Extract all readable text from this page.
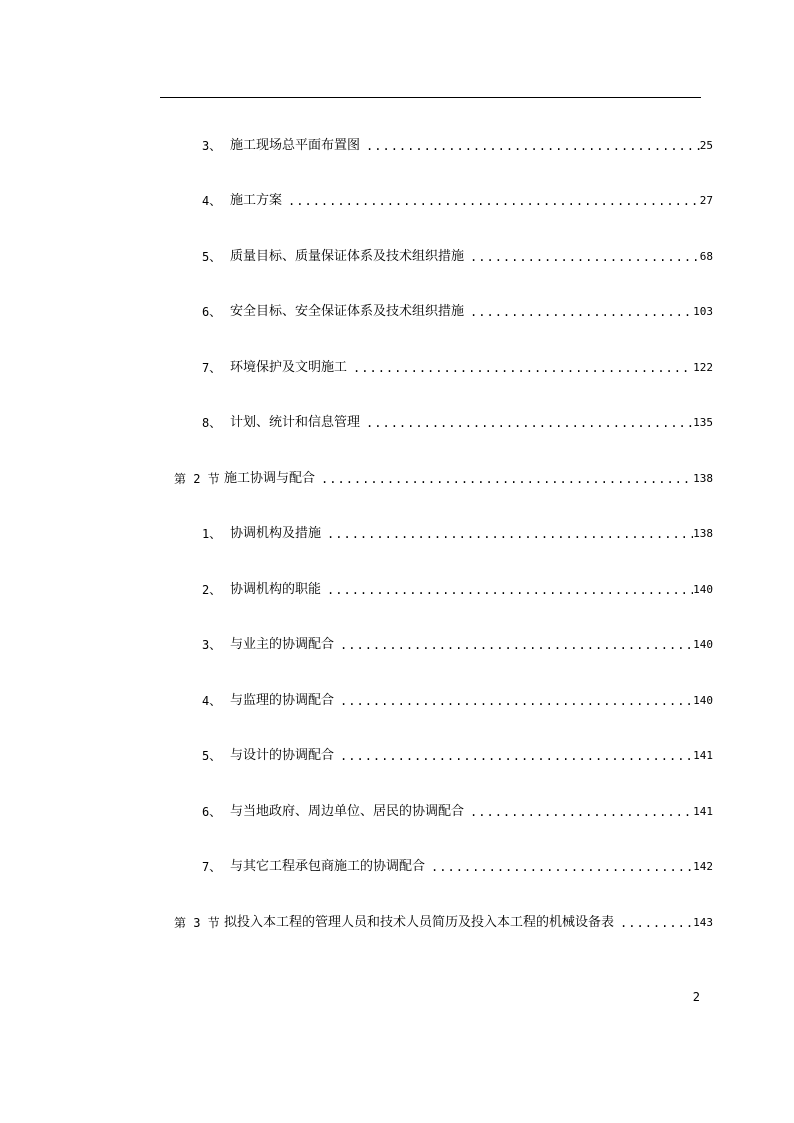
3、 施工现场总平面布置图 .....	25
4、 施工方案 .....	27
5、 质量目标、质量保证体系及技术组织措施 .....	68
6、 安全目标、安全保证体系及技术组织措施 .....	103
7、 环境保护及文明施工 .....	122
8、 计划、统计和信息管理 .....	135
第 2 节 施工协调与配合 .....	138
1、 协调机构及措施 .....	138
2、 协调机构的职能 .....	140
3、 与业主的协调配合 .....	140
4、 与监理的协调配合 .....	140
5、 与设计的协调配合 .....	141
6、 与当地政府、周边单位、居民的协调配合 .....	141
7、 与其它工程承包商施工的协调配合 .....	142
第 3 节 拟投入本工程的管理人员和技术人员简历及投入本工程的机械设备表 .....	143
2
